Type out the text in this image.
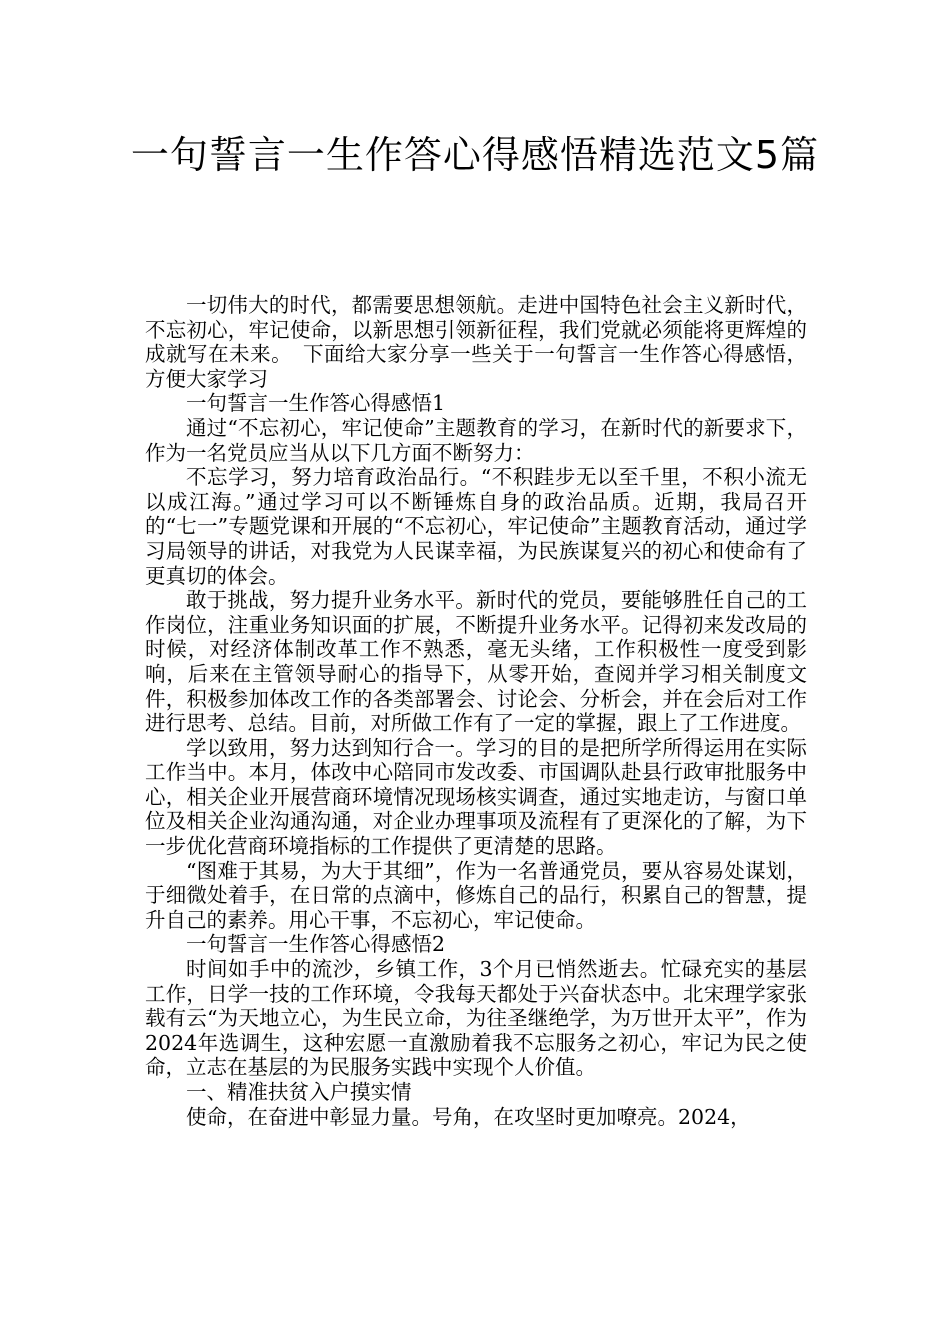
一句誓言一生作答心得感悟精选范文5篇

一切伟大的时代，都需要思想领航。走进中国特色社会主义新时代，不忘初心，牢记使命，以新思想引领新征程，我们党就必须能将更辉煌的成就写在未来。　下面给大家分享一些关于一句誓言一生作答心得感悟，方便大家学习

一句誓言一生作答心得感悟1

通过“不忘初心，牢记使命”主题教育的学习，在新时代的新要求下，作为一名党员应当从以下几方面不断努力：

不忘学习，努力培育政治品行。“不积跬步无以至千里，不积小流无以成江海。”通过学习可以不断锤炼自身的政治品质。近期，我局召开的“七一”专题党课和开展的“不忘初心，牢记使命”主题教育活动，通过学习局领导的讲话，对我党为人民谋幸福，为民族谋复兴的初心和使命有了更真切的体会。

敢于挑战，努力提升业务水平。新时代的党员，要能够胜任自己的工作岗位，注重业务知识面的扩展，不断提升业务水平。记得初来发改局的时候，对经济体制改革工作不熟悉，毫无头绪，工作积极性一度受到影响，后来在主管领导耐心的指导下，从零开始，查阅并学习相关制度文件，积极参加体改工作的各类部署会、讨论会、分析会，并在会后对工作进行思考、总结。目前，对所做工作有了一定的掌握，跟上了工作进度。

学以致用，努力达到知行合一。学习的目的是把所学所得运用在实际工作当中。本月，体改中心陪同市发改委、市国调队赴县行政审批服务中心，相关企业开展营商环境情况现场核实调查，通过实地走访，与窗口单位及相关企业沟通沟通，对企业办理事项及流程有了更深化的了解，为下一步优化营商环境指标的工作提供了更清楚的思路。

“图难于其易，为大于其细”，作为一名普通党员，要从容易处谋划，于细微处着手，在日常的点滴中，修炼自己的品行，积累自己的智慧，提升自己的素养。用心干事，不忘初心，牢记使命。

一句誓言一生作答心得感悟2

时间如手中的流沙，乡镇工作，3个月已悄然逝去。忙碌充实的基层工作，日学一技的工作环境，令我每天都处于兴奋状态中。北宋理学家张载有云“为天地立心，为生民立命，为往圣继绝学，为万世开太平”，作为2024年选调生，这种宏愿一直激励着我不忘服务之初心，牢记为民之使命，立志在基层的为民服务实践中实现个人价值。

一、精准扶贫入户摸实情

使命，在奋进中彰显力量。号角，在攻坚时更加嘹亮。2024，
